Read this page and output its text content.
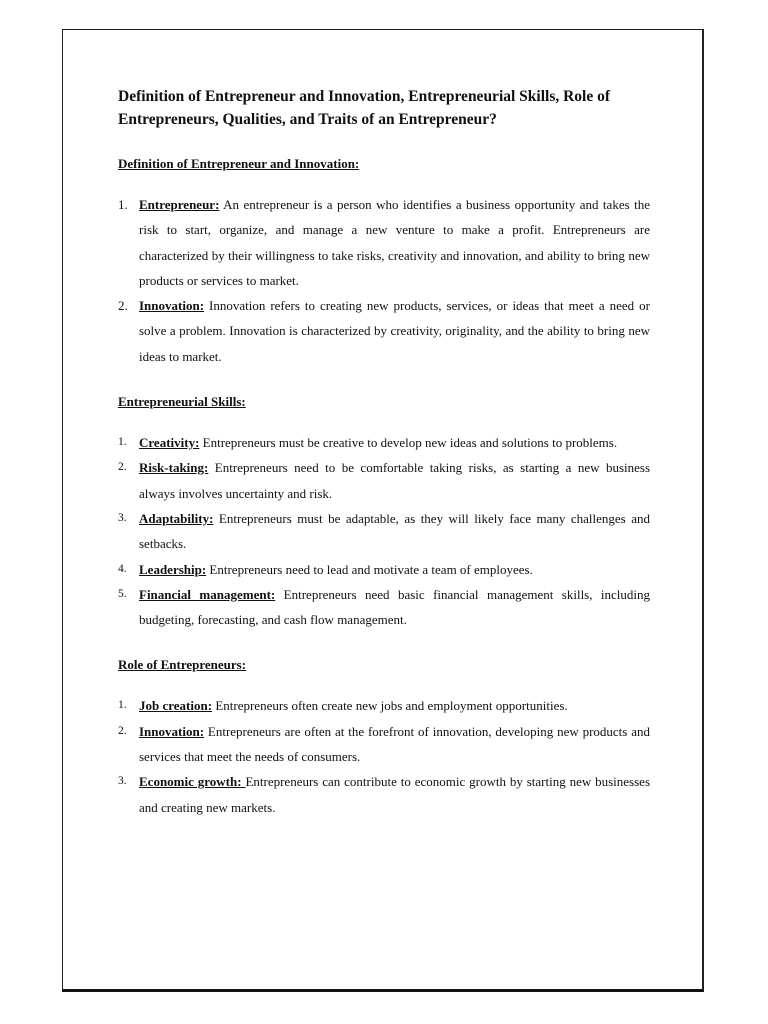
Definition of Entrepreneur and Innovation, Entrepreneurial Skills, Role of Entrepreneurs, Qualities, and Traits of an Entrepreneur?
Definition of Entrepreneur and Innovation:
1. Entrepreneur: An entrepreneur is a person who identifies a business opportunity and takes the risk to start, organize, and manage a new venture to make a profit. Entrepreneurs are characterized by their willingness to take risks, creativity and innovation, and ability to bring new products or services to market.
2. Innovation: Innovation refers to creating new products, services, or ideas that meet a need or solve a problem. Innovation is characterized by creativity, originality, and the ability to bring new ideas to market.
Entrepreneurial Skills:
1. Creativity: Entrepreneurs must be creative to develop new ideas and solutions to problems.
2. Risk-taking: Entrepreneurs need to be comfortable taking risks, as starting a new business always involves uncertainty and risk.
3. Adaptability: Entrepreneurs must be adaptable, as they will likely face many challenges and setbacks.
4. Leadership: Entrepreneurs need to lead and motivate a team of employees.
5. Financial management: Entrepreneurs need basic financial management skills, including budgeting, forecasting, and cash flow management.
Role of Entrepreneurs:
1. Job creation: Entrepreneurs often create new jobs and employment opportunities.
2. Innovation: Entrepreneurs are often at the forefront of innovation, developing new products and services that meet the needs of consumers.
3. Economic growth: Entrepreneurs can contribute to economic growth by starting new businesses and creating new markets.
